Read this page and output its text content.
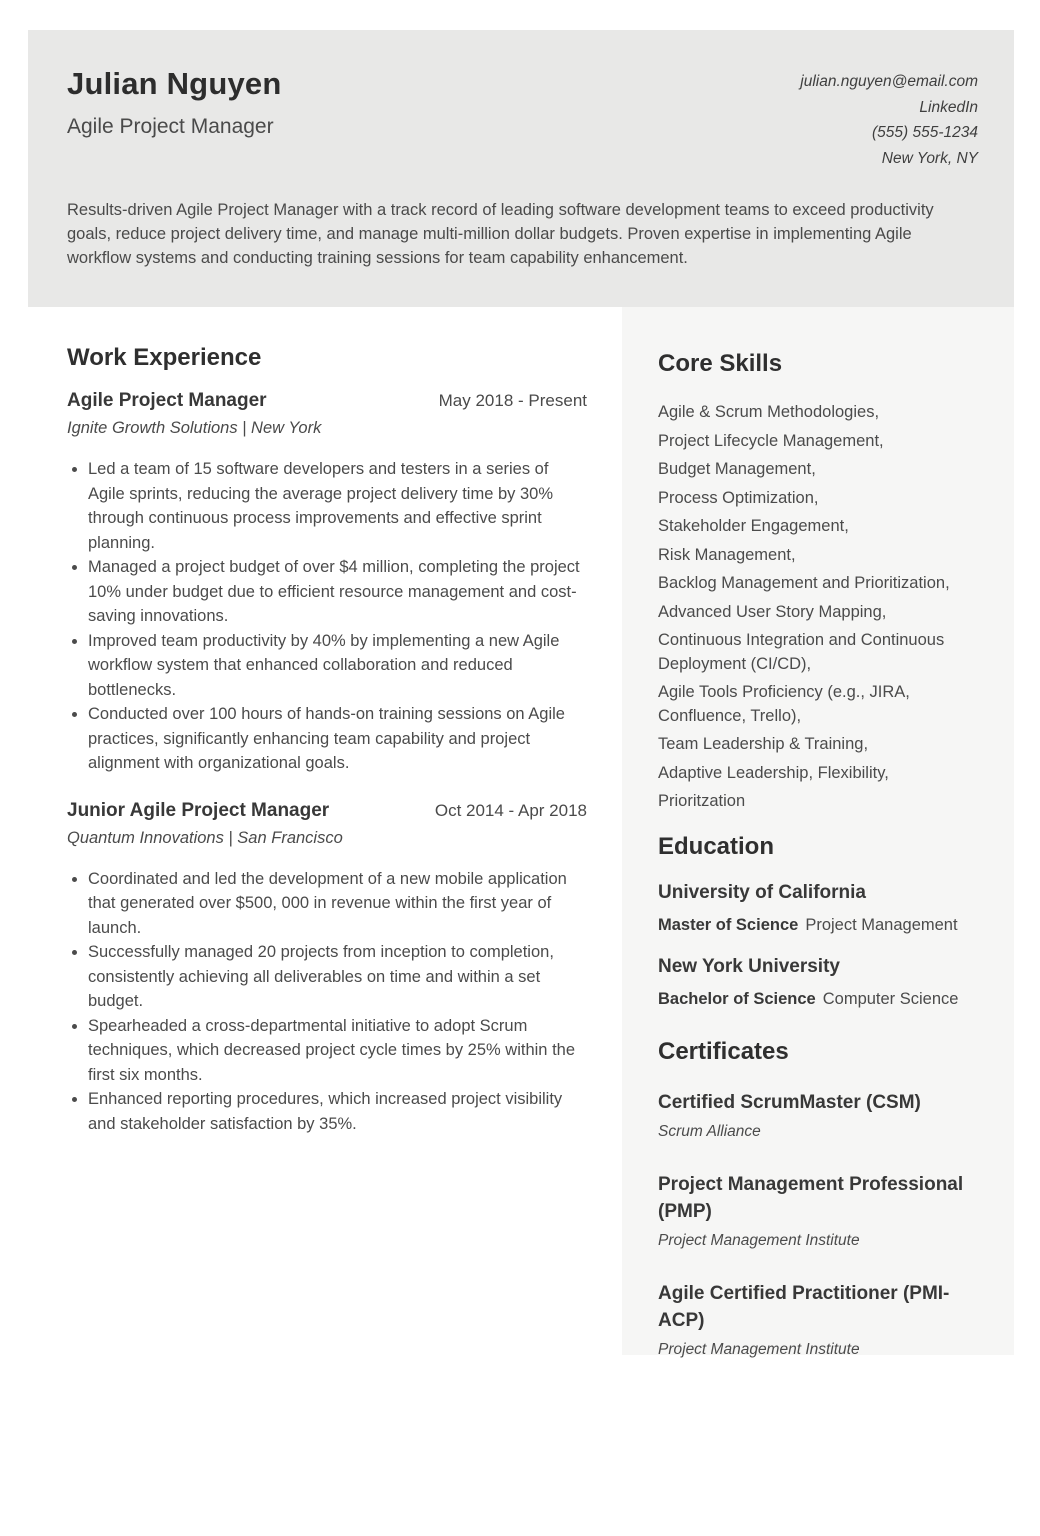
Julian Nguyen
Agile Project Manager
julian.nguyen@email.com
LinkedIn
(555) 555-1234
New York, NY

Results-driven Agile Project Manager with a track record of leading software development teams to exceed productivity goals, reduce project delivery time, and manage multi-million dollar budgets. Proven expertise in implementing Agile workflow systems and conducting training sessions for team capability enhancement.

Work Experience
Agile Project Manager	May 2018 - Present
Ignite Growth Solutions | New York
• Led a team of 15 software developers and testers in a series of Agile sprints, reducing the average project delivery time by 30% through continuous process improvements and effective sprint planning.
• Managed a project budget of over $4 million, completing the project 10% under budget due to efficient resource management and cost-saving innovations.
• Improved team productivity by 40% by implementing a new Agile workflow system that enhanced collaboration and reduced bottlenecks.
• Conducted over 100 hours of hands-on training sessions on Agile practices, significantly enhancing team capability and project alignment with organizational goals.
Junior Agile Project Manager	Oct 2014 - Apr 2018
Quantum Innovations | San Francisco
• Coordinated and led the development of a new mobile application that generated over $500, 000 in revenue within the first year of launch.
• Successfully managed 20 projects from inception to completion, consistently achieving all deliverables on time and within a set budget.
• Spearheaded a cross-departmental initiative to adopt Scrum techniques, which decreased project cycle times by 25% within the first six months.
• Enhanced reporting procedures, which increased project visibility and stakeholder satisfaction by 35%.
Core Skills
Agile & Scrum Methodologies,
Project Lifecycle Management,
Budget Management,
Process Optimization,
Stakeholder Engagement,
Risk Management,
Backlog Management and Prioritization,
Advanced User Story Mapping,
Continuous Integration and Continuous Deployment (CI/CD),
Agile Tools Proficiency (e.g., JIRA, Confluence, Trello),
Team Leadership & Training,
Adaptive Leadership, Flexibility,
Prioritzation
Education
University of California
Master of Science Project Management
New York University
Bachelor of Science Computer Science
Certificates
Certified ScrumMaster (CSM)
Scrum Alliance
Project Management Professional (PMP)
Project Management Institute
Agile Certified Practitioner (PMI-ACP)
Project Management Institute
